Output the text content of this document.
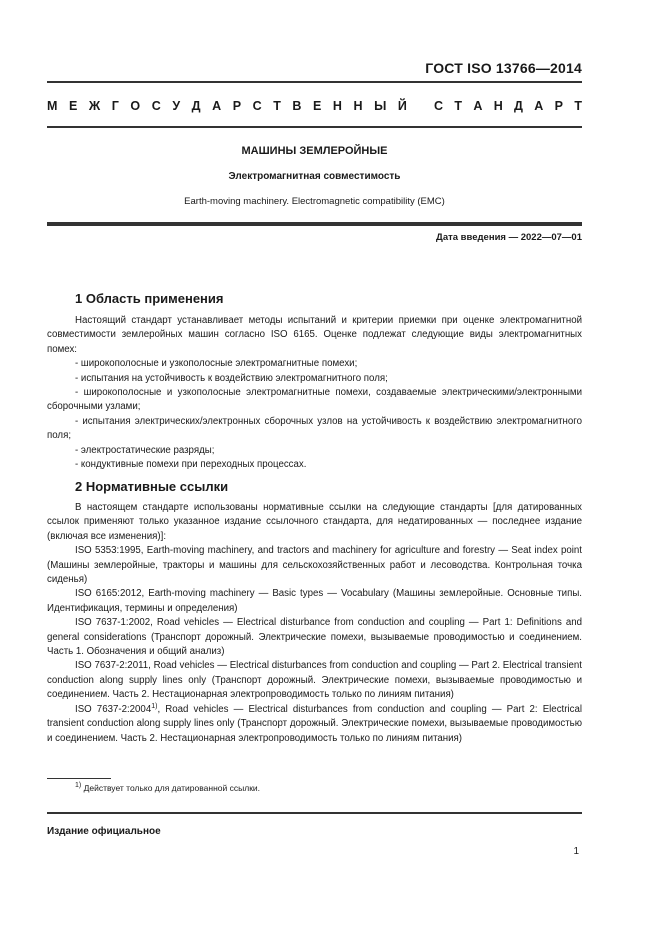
ГОСТ ISO 13766—2014
М Е Ж Г О С У Д А Р С Т В Е Н Н Ы Й С Т А Н Д А Р Т
МАШИНЫ ЗЕМЛЕРОЙНЫЕ
Электромагнитная совместимость
Earth-moving machinery. Electromagnetic compatibility (EMC)
Дата введения — 2022—07—01
1 Область применения

Настоящий стандарт устанавливает методы испытаний и критерии приемки при оценке электромагнитной совместимости землеройных машин согласно ISO 6165. Оценке подлежат следующие виды электромагнитных помех:

- широкополосные и узкополосные электромагнитные помехи;

- испытания на устойчивость к воздействию электромагнитного поля;

- широкополосные и узкополосные электромагнитные помехи, создаваемые электрическими/электронными сборочными узлами;

- испытания электрических/электронных сборочных узлов на устойчивость к воздействию электромагнитного поля;

- электростатические разряды;

- кондуктивные помехи при переходных процессах.

2 Нормативные ссылки

В настоящем стандарте использованы нормативные ссылки на следующие стандарты [для датированных ссылок применяют только указанное издание ссылочного стандарта, для недатированных — последнее издание (включая все изменения)]:

ISO 5353:1995, Earth-moving machinery, and tractors and machinery for agriculture and forestry — Seat index point (Машины землеройные, тракторы и машины для сельскохозяйственных работ и лесоводства. Контрольная точка сиденья)

ISO 6165:2012, Earth-moving machinery — Basic types — Vocabulary (Машины землеройные. Основные типы. Идентификация, термины и определения)

ISO 7637-1:2002, Road vehicles — Electrical disturbance from conduction and coupling — Part 1: Definitions and general considerations (Транспорт дорожный. Электрические помехи, вызываемые проводимостью и соединением. Часть 1. Обозначения и общий анализ)

ISO 7637-2:2011, Road vehicles — Electrical disturbances from conduction and coupling — Part 2. Electrical transient conduction along supply lines only (Транспорт дорожный. Электрические помехи, вызываемые проводимостью и соединением. Часть 2. Нестационарная электропроводимость только по линиям питания)

ISO 7637-2:2004$^{1)}$, Road vehicles — Electrical disturbances from conduction and coupling — Part 2: Electrical transient conduction along supply lines only (Транспорт дорожный. Электрические помехи, вызываемые проводимостью и соединением. Часть 2. Нестационарная электропроводимость только по линиям питания)

$^{1)}$ Действует только для датированной ссылки.
Издание официальное
1
